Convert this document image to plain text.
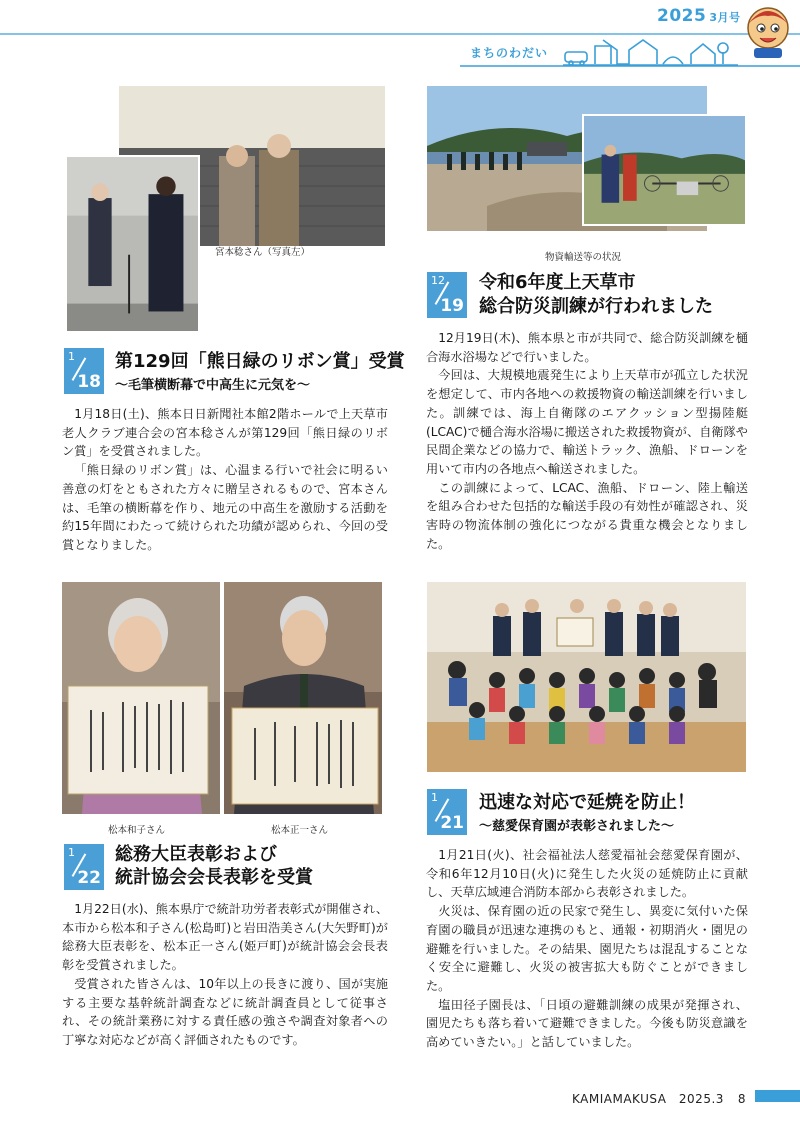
2025 3月号
まちのわだい
宮本稔さん（写真左）
1
18
第129回「熊日緑のリボン賞」受賞
～毛筆横断幕で中高生に元気を～

1月18日(土)、熊本日日新聞社本館2階ホールで上天草市老人クラブ連合会の宮本稔さんが第129回「熊日緑のリボン賞」を受賞されました。

「熊日緑のリボン賞」は、心温まる行いで社会に明るい善意の灯をともされた方々に贈呈されるもので、宮本さんは、毛筆の横断幕を作り、地元の中高生を激励する活動を約15年間にわたって続けられた功績が認められ、今回の受賞となりました。

物資輸送等の状況
12
19
令和6年度上天草市
総合防災訓練が行われました

12月19日(木)、熊本県と市が共同で、総合防災訓練を樋合海水浴場などで行いました。

今回は、大規模地震発生により上天草市が孤立した状況を想定して、市内各地への救援物資の輸送訓練を行いました。訓練では、海上自衛隊のエアクッション型揚陸艇(LCAC)で樋合海水浴場に搬送された救援物資が、自衛隊や民間企業などの協力で、輸送トラック、漁船、ドローンを用いて市内の各地点へ輸送されました。

この訓練によって、LCAC、漁船、ドローン、陸上輸送を組み合わせた包括的な輸送手段の有効性が確認され、災害時の物流体制の強化につながる貴重な機会となりました。

松本和子さん	松本正一さん
1
22
総務大臣表彰および
統計協会会長表彰を受賞

1月22日(水)、熊本県庁で統計功労者表彰式が開催され、本市から松本和子さん(松島町)と岩田浩美さん(大矢野町)が総務大臣表彰を、松本正一さん(姫戸町)が統計協会会長表彰を受賞されました。

受賞された皆さんは、10年以上の長きに渡り、国が実施する主要な基幹統計調査などに統計調査員として従事され、その統計業務に対する責任感の強さや調査対象者への丁寧な対応などが高く評価されたものです。

1
21
迅速な対応で延焼を防止！
～慈愛保育園が表彰されました～

1月21日(火)、社会福祉法人慈愛福祉会慈愛保育園が、令和6年12月10日(火)に発生した火災の延焼防止に貢献し、天草広域連合消防本部から表彰されました。

火災は、保育園の近の民家で発生し、異変に気付いた保育園の職員が迅速な連携のもと、通報・初期消火・園児の避難を行いました。その結果、園児たちは混乱することなく安全に避難し、火災の被害拡大も防ぐことができました。

塩田径子園長は、「日頃の避難訓練の成果が発揮され、園児たちも落ち着いて避難できました。今後も防災意識を高めていきたい。」と話していました。

KAMIAMAKUSA　2025.3 8
